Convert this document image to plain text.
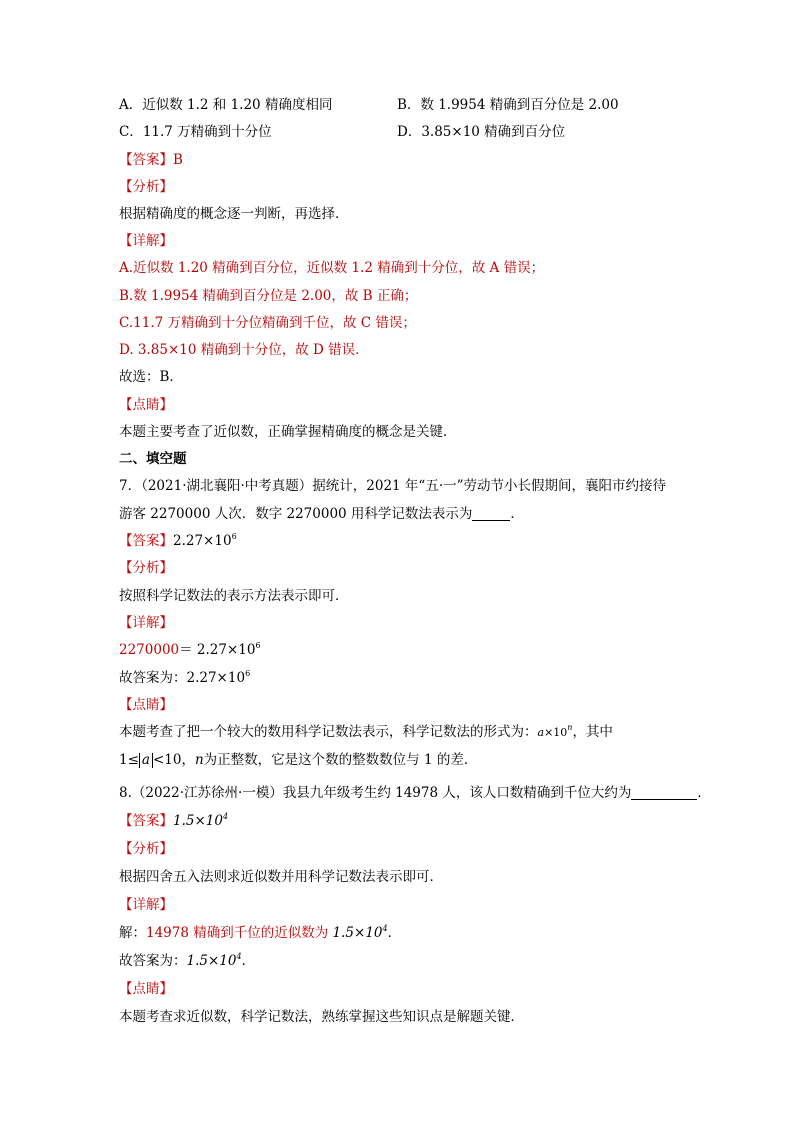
A．近似数 1.2 和 1.20 精确度相同	B．数 1.9954 精确到百分位是 2.00
C．11.7 万精确到十分位	D．3.85×10 精确到百分位
【答案】B
【分析】
根据精确度的概念逐一判断，再选择．
【详解】
A.近似数 1.20 精确到百分位，近似数 1.2 精确到十分位，故 A 错误；
B.数 1.9954 精确到百分位是 2.00，故 B 正确；
C.11.7 万精确到十分位精确到千位，故 C 错误；
D. 3.85×10 精确到十分位，故 D 错误．
故选：B．
【点睛】
本题主要考查了近似数，正确掌握精确度的概念是关键．
二、填空题
7．（2021·湖北襄阳·中考真题）据统计，2021 年“五·一”劳动节小长假期间，襄阳市约接待
游客 2270000 人次．数字 2270000 用科学记数法表示为	．
【答案】$2.27\times 10^6$
【分析】
按照科学记数法的表示方法表示即可．
【详解】
$2270000= 2.27\times 10^6$
故答案为：$2.27\times 10^6$
【点睛】
本题考查了把一个较大的数用科学记数法表示，科学记数法的形式为：$a\times 10^n$，其中
1≤ a <10，n为正整数，它是这个数的整数数位与 1 的差．
8.（2022·江苏徐州·一模）我县九年级考生约 14978 人，该人口数精确到千位大约为	．
【答案】$1.5\times 10^4$
【分析】
根据四舍五入法则求近似数并用科学记数法表示即可．
【详解】
解：14978 精确到千位的近似数为 $1.5\times 10^4$．
故答案为：$1.5\times 10^4$．
【点睛】
本题考查求近似数，科学记数法，熟练掌握这些知识点是解题关键．
